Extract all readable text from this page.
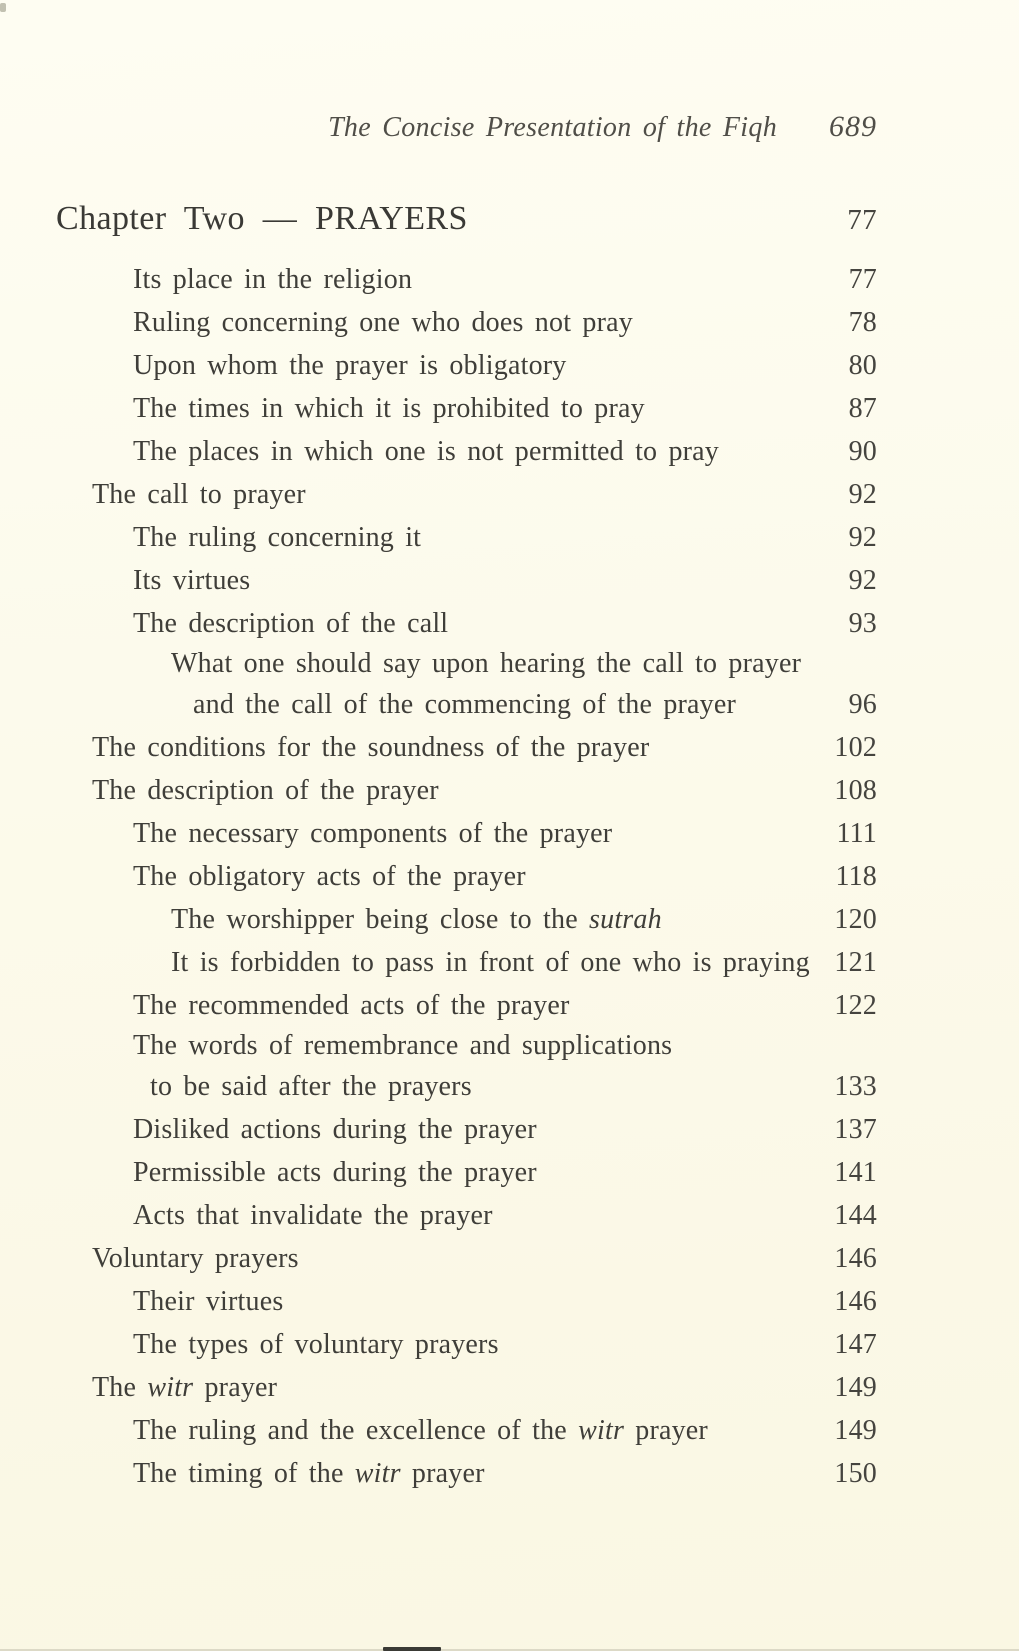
The Concise Presentation of the Fiqh 689
Chapter Two — PRAYERS	77
Its place in the religion	77
Ruling concerning one who does not pray	78
Upon whom the prayer is obligatory	80
The times in which it is prohibited to pray	87
The places in which one is not permitted to pray	90
The call to prayer	92
The ruling concerning it	92
Its virtues	92
The description of the call	93
What one should say upon hearing the call to prayer
and the call of the commencing of the prayer	96
The conditions for the soundness of the prayer	102
The description of the prayer	108
The necessary components of the prayer	111
The obligatory acts of the prayer	118
The worshipper being close to the sutrah	120
It is forbidden to pass in front of one who is praying 121
The recommended acts of the prayer	122
The words of remembrance and supplications
to be said after the prayers	133
Disliked actions during the prayer	137
Permissible acts during the prayer	141
Acts that invalidate the prayer	144
Voluntary prayers	146
Their virtues	146
The types of voluntary prayers	147
The witr prayer	149
The ruling and the excellence of the witr prayer	149
The timing of the witr prayer	150
